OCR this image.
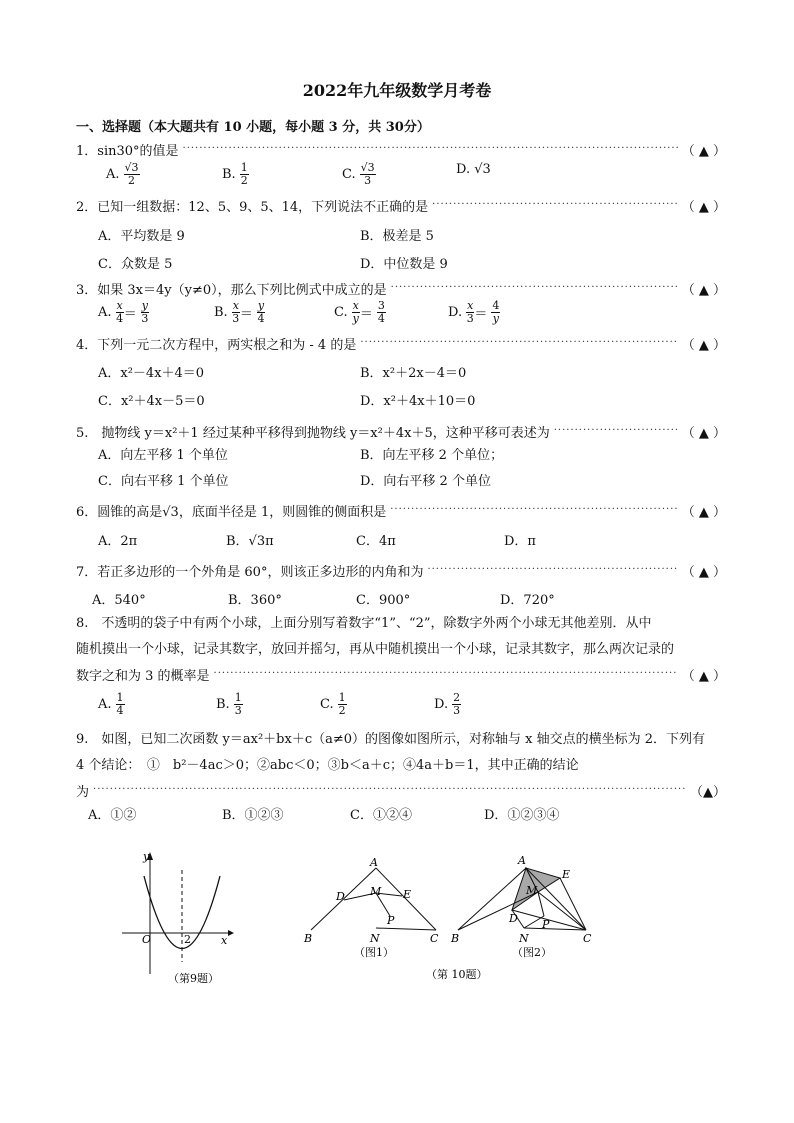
2022年九年级数学月考卷
一、选择题（本大题共有 10 小题，每小题 3 分，共 30分）
1．sin30°的值是 ·····	（ ▲ ）
A. $\frac{√3}{2}$	B. $\frac{1}{2}$	C. $\frac{√3}{3}$	D.
√3
2．已知一组数据：12、5、9、5、14，下列说法不正确的是 ·····	（ ▲ ）
A．平均数是 9	B．极差是 5
C．众数是 5	D．中位数是 9
3．如果 3x＝4y（y≠0），那么下列比例式中成立的是 ·····	（ ▲ ）
A. $\frac{x}{4} = \frac{y}{3}$	B. $\frac{x}{3} = \frac{y}{4}$	C. $\frac{x}{y} = \frac{3}{4}$	D. $\frac{x}{3} = \frac{4}{y}$
4．下列一元二次方程中，两实根之和为 - 4 的是 ·····	（ ▲ ）
A．x²－4x＋4＝0	B．x²＋2x－4＝0
C．x²＋4x－5＝0	D．x²＋4x＋10＝0
5.　抛物线 y＝x²＋1 经过某种平移得到抛物线 y＝x²＋4x＋5，这种平移可表述为 ·····	（ ▲ ）
A．向左平移 1 个单位	B．向左平移 2 个单位；
C．向右平移 1 个单位	D．向右平移 2 个单位
6．圆锥的高是√3，底面半径是 1，则圆锥的侧面积是 ·····	（ ▲ ）
A．2π	B．√3π	C．4π	D．π
7．若正多边形的一个外角是 60°，则该正多边形的内角和为 ·····	（ ▲ ）
A．540°	B．360°	C．900°	D．720°
8.　不透明的袋子中有两个小球，上面分别写着数字“1”、“2”，除数字外两个小球无其他差别．从中
随机摸出一个小球，记录其数字，放回并摇匀，再从中随机摸出一个小球，记录其数字，那么两次记录的
数字之和为 3 的概率是 ·····	（ ▲ ）
A. $\frac{1}{4}$	B. $\frac{1}{3}$	C. $\frac{1}{2}$	D. $\frac{2}{3}$
9.　如图，已知二次函数 y＝ax²＋bx＋c（a≠0）的图像如图所示，对称轴与 x 轴交点的横坐标为 2．下列有
4 个结论：　①　b²－4ac＞0；②abc＜0；③b＜a＋c；④4a＋b＝1，其中正确的结论
为 ·····	（▲）
A．①②	B．①②③	C．①②④	D．①②③④
y
x
O	2
（第9题）
A
B	C
D M E
N
P
（图1）
A
B	C
D
M
E
N
P
（图2）
（第 10题）
